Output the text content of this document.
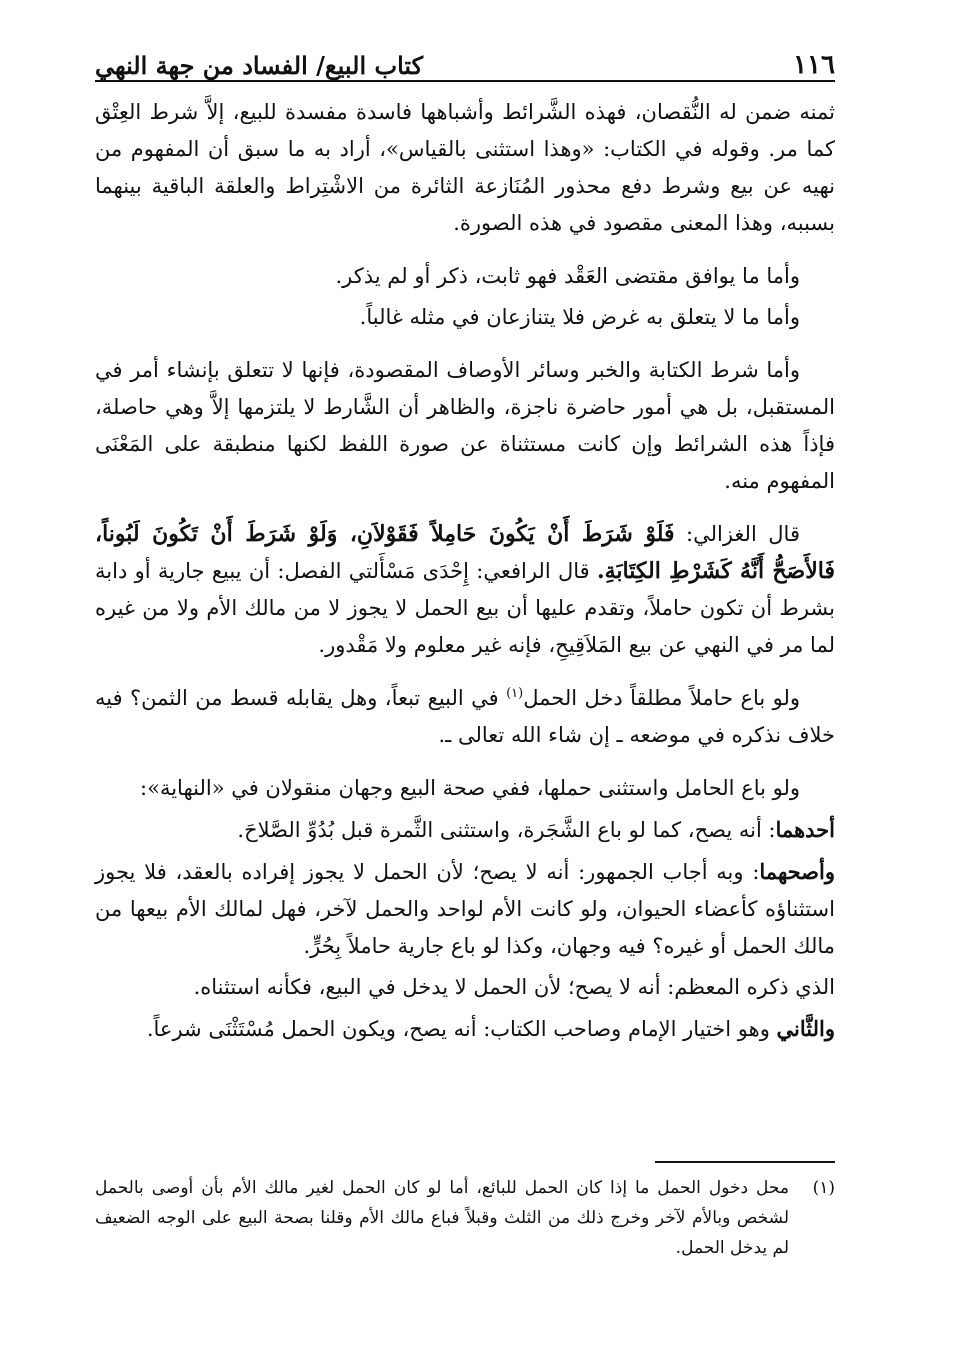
١١٦
كتاب البيع/ الفساد من جهة النهي

ثمنه ضمن له النُّقصان، فهذه الشَّرائط وأشباهها فاسدة مفسدة للبيع، إلاَّ شرط العِتْق كما مر. وقوله في الكتاب: «وهذا استثنى بالقياس»، أراد به ما سبق أن المفهوم من نهيه عن بيع وشرط دفع محذور المُنَازعة الثائرة من الاشْتِراط والعلقة الباقية بينهما بسببه، وهذا المعنى مقصود في هذه الصورة.

وأما ما يوافق مقتضى العَقْد فهو ثابت، ذكر أو لم يذكر.

وأما ما لا يتعلق به غرض فلا يتنازعان في مثله غالباً.

وأما شرط الكتابة والخبر وسائر الأوصاف المقصودة، فإنها لا تتعلق بإنشاء أمر في المستقبل، بل هي أمور حاضرة ناجزة، والظاهر أن الشَّارط لا يلتزمها إلاَّ وهي حاصلة، فإذاً هذه الشرائط وإن كانت مستثناة عن صورة اللفظ لكنها منطبقة على المَعْنَى المفهوم منه.

قال الغزالي: فَلَوْ شَرَطَ أَنْ يَكُونَ حَامِلاً فَقَوْلاَنِ، وَلَوْ شَرَطَ أَنْ تَكُونَ لَبُوناً، فَالأَصَحُّ أَنَّهُ كَشَرْطِ الكِتَابَةِ. قال الرافعي: إِحْدَى مَسْأَلتي الفصل: أن يبيع جارية أو دابة بشرط أن تكون حاملاً، وتقدم عليها أن بيع الحمل لا يجوز لا من مالك الأم ولا من غيره لما مر في النهي عن بيع المَلاَقِيحِ، فإنه غير معلوم ولا مَقْدور.

ولو باع حاملاً مطلقاً دخل الحمل$^{(١)}$ في البيع تبعاً، وهل يقابله قسط من الثمن؟ فيه خلاف نذكره في موضعه ـ إن شاء الله تعالى ـ.

ولو باع الحامل واستثنى حملها، ففي صحة البيع وجهان منقولان في «النهاية»:

أحدهما: أنه يصح، كما لو باع الشَّجَرة، واستثنى الثَّمرة قبل بُدُوِّ الصَّلاحَ.

وأصحهما: وبه أجاب الجمهور: أنه لا يصح؛ لأن الحمل لا يجوز إفراده بالعقد، فلا يجوز استثناؤه كأعضاء الحيوان، ولو كانت الأم لواحد والحمل لآخر، فهل لمالك الأم بيعها من مالك الحمل أو غيره؟ فيه وجهان، وكذا لو باع جارية حاملاً بِحُرٍّ.

الذي ذكره المعظم: أنه لا يصح؛ لأن الحمل لا يدخل في البيع، فكأنه استثناه.

والثَّاني وهو اختيار الإمام وصاحب الكتاب: أنه يصح، ويكون الحمل مُسْتَثْنَى شرعاً.

(١)
محل دخول الحمل ما إذا كان الحمل للبائع، أما لو كان الحمل لغير مالك الأم بأن أوصى بالحمل لشخص وبالأم لآخر وخرج ذلك من الثلث وقبلاً فباع مالك الأم وقلنا بصحة البيع على الوجه الضعيف لم يدخل الحمل.
